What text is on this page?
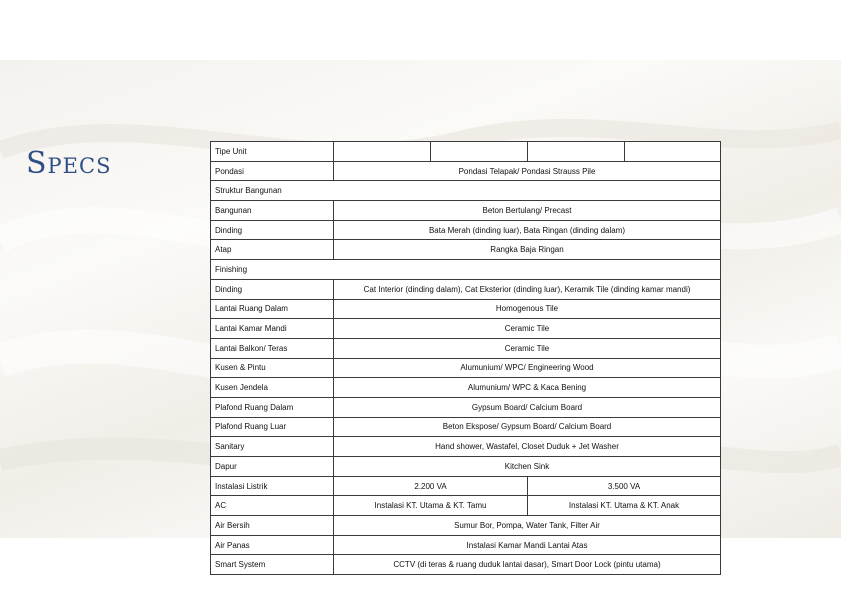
Specs	Tipe Unit	Harsa	Prana	Svasti	Aruna
Pondasi	Pondasi Telapak/ Pondasi Strauss Pile			
Struktur Bangunan				
Bangunan	Beton Bertulang/ Precast			
Dinding	Bata Merah (dinding luar), Bata Ringan (dinding dalam)			
Atap	Rangka Baja Ringan			
Finishing				
Dinding	Cat Interior (dinding dalam), Cat Eksterior (dinding luar), Keramik Tile (dinding kamar mandi)			
Lantai Ruang Dalam	Homogenous Tile			
Lantai Kamar Mandi	Ceramic Tile			
Lantai Balkon/ Teras	Ceramic Tile			
Kusen & Pintu	Alumunium/ WPC/ Engineering Wood			
Kusen Jendela	Alumunium/ WPC & Kaca Bening			
Plafond Ruang Dalam	Gypsum Board/ Calcium Board			
Plafond Ruang Luar	Beton Ekspose/ Gypsum Board/ Calcium Board			
Sanitary	Hand shower, Wastafel, Closet Duduk + Jet Washer			
Dapur	Kitchen Sink			
Instalasi Listrik	2.200 VA		3.500 VA	
AC	Instalasi KT. Utama & KT. Tamu		Instalasi KT. Utama & KT. Anak	
Air Bersih	Sumur Bor, Pompa, Water Tank, Filter Air			
Air Panas	Instalasi Kamar Mandi Lantai Atas			
Smart System	CCTV (di teras & ruang duduk lantai dasar), Smart Door Lock (pintu utama)			
